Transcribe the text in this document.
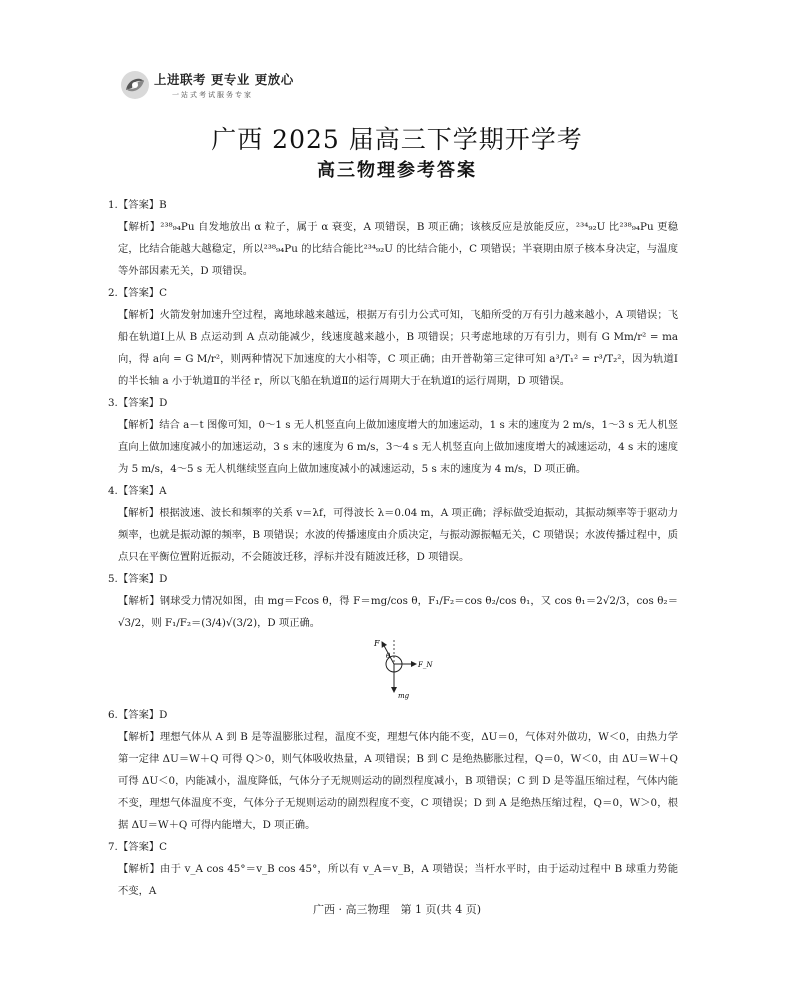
上进联考 更专业 更放心
一站式考试服务专家
广西 2025 届高三下学期开学考
高三物理参考答案
1. 【答案】B
【解析】²³⁸₉₄Pu 自发地放出 α 粒子，属于 α 衰变，A 项错误，B 项正确；该核反应是放能反应，²³⁴₉₂U 比²³⁸₉₄Pu 更稳定，比结合能越大越稳定，所以²³⁸₉₄Pu 的比结合能比²³⁴₉₂U 的比结合能小，C 项错误；半衰期由原子核本身决定，与温度等外部因素无关，D 项错误。
2. 【答案】C
【解析】火箭发射加速升空过程，离地球越来越远，根据万有引力公式可知，飞船所受的万有引力越来越小，A 项错误；飞船在轨道Ⅰ上从 B 点运动到 A 点动能减少，线速度越来越小，B 项错误；只考虑地球的万有引力，则有 G Mm/r² = ma向，得 a向 = G M/r²，则两种情况下加速度的大小相等，C 项正确；由开普勒第三定律可知 a³/T₁² = r³/T₂²，因为轨道Ⅰ的半长轴 a 小于轨道Ⅱ的半径 r，所以飞船在轨道Ⅱ的运行周期大于在轨道Ⅰ的运行周期，D 项错误。
3. 【答案】D
【解析】结合 a－t 图像可知，0～1 s 无人机竖直向上做加速度增大的加速运动，1 s 末的速度为 2 m/s，1～3 s 无人机竖直向上做加速度减小的加速运动，3 s 末的速度为 6 m/s，3～4 s 无人机竖直向上做加速度增大的减速运动，4 s 末的速度为 5 m/s，4～5 s 无人机继续竖直向上做加速度减小的减速运动，5 s 末的速度为 4 m/s，D 项正确。
4. 【答案】A
【解析】根据波速、波长和频率的关系 v＝λf，可得波长 λ＝0.04 m，A 项正确；浮标做受迫振动，其振动频率等于驱动力频率，也就是振动源的频率，B 项错误；水波的传播速度由介质决定，与振动源振幅无关，C 项错误；水波传播过程中，质点只在平衡位置附近振动，不会随波迁移，浮标并没有随波迁移，D 项错误。
5. 【答案】D
【解析】钢球受力情况如图，由 mg＝Fcos θ，得 F＝mg/cos θ，F₁/F₂＝cos θ₂/cos θ₁，又 cos θ₁＝2√2/3，cos θ₂＝√3/2，则 F₁/F₂＝(3/4)√(3/2)，D 项正确。
F
θ
F_N
mg
6. 【答案】D
【解析】理想气体从 A 到 B 是等温膨胀过程，温度不变，理想气体内能不变，ΔU＝0，气体对外做功，W＜0，由热力学第一定律 ΔU＝W＋Q 可得 Q＞0，则气体吸收热量，A 项错误；B 到 C 是绝热膨胀过程，Q＝0，W＜0，由 ΔU＝W＋Q 可得 ΔU＜0，内能减小，温度降低，气体分子无规则运动的剧烈程度减小，B 项错误；C 到 D 是等温压缩过程，气体内能不变，理想气体温度不变，气体分子无规则运动的剧烈程度不变，C 项错误；D 到 A 是绝热压缩过程，Q＝0，W＞0，根据 ΔU＝W＋Q 可得内能增大，D 项正确。
7. 【答案】C
【解析】由于 v_A cos 45°＝v_B cos 45°，所以有 v_A＝v_B，A 项错误；当杆水平时，由于运动过程中 B 球重力势能不变，A
广西 · 高三物理　第 1 页(共 4 页)
